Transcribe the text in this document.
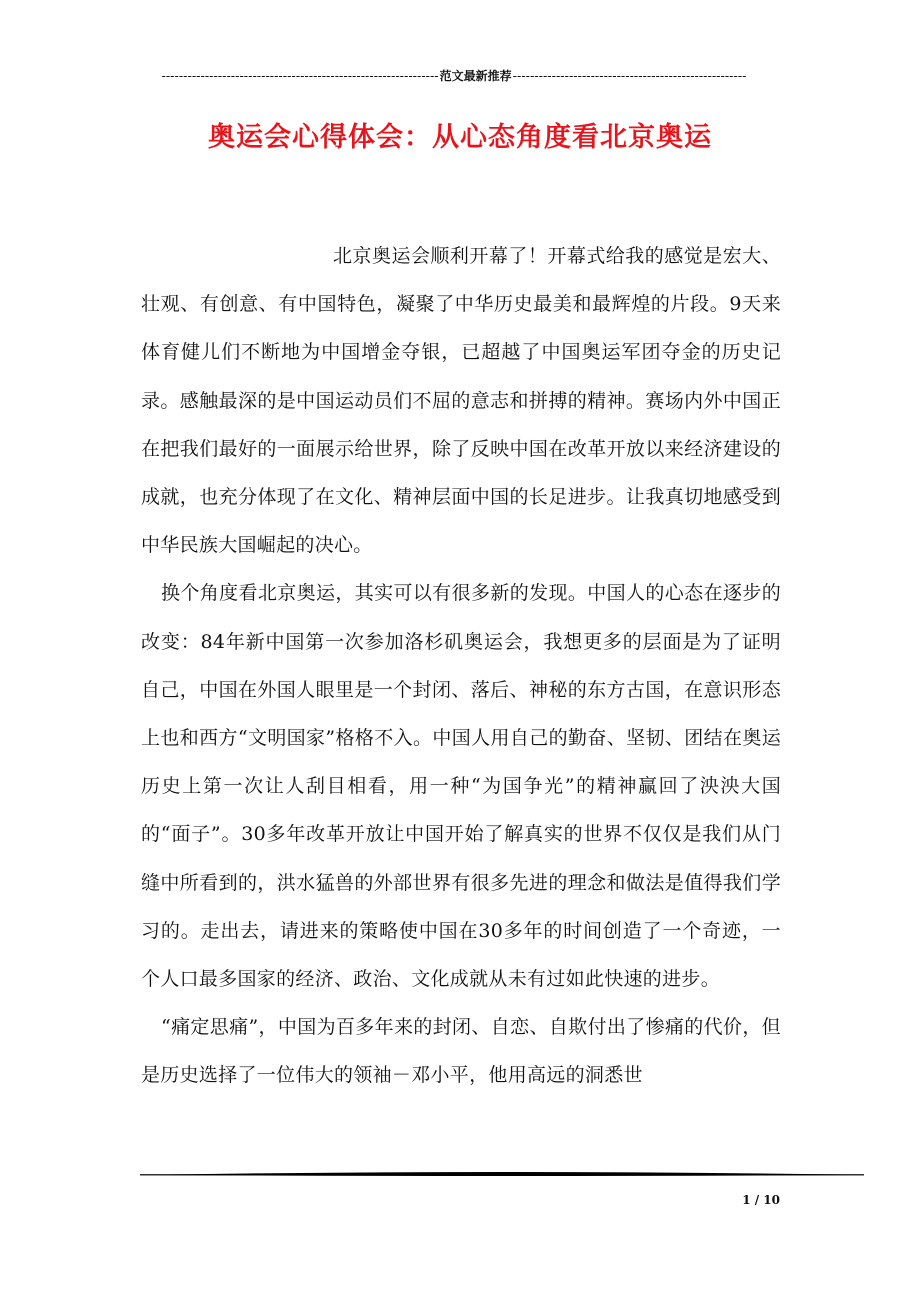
----------------------------------------------------------------范文最新推荐------------------------------------------------------
奥运会心得体会：从心态角度看北京奥运

北京奥运会顺利开幕了！开幕式给我的感觉是宏大、壮观、有创意、有中国特色，凝聚了中华历史最美和最辉煌的片段。9天来体育健儿们不断地为中国增金夺银，已超越了中国奥运军团夺金的历史记录。感触最深的是中国运动员们不屈的意志和拼搏的精神。赛场内外中国正在把我们最好的一面展示给世界，除了反映中国在改革开放以来经济建设的成就，也充分体现了在文化、精神层面中国的长足进步。让我真切地感受到中华民族大国崛起的决心。

换个角度看北京奥运，其实可以有很多新的发现。中国人的心态在逐步的改变：84年新中国第一次参加洛杉矶奥运会，我想更多的层面是为了证明自己，中国在外国人眼里是一个封闭、落后、神秘的东方古国，在意识形态上也和西方“文明国家”格格不入。中国人用自己的勤奋、坚韧、团结在奥运历史上第一次让人刮目相看，用一种“为国争光”的精神赢回了泱泱大国的“面子”。30多年改革开放让中国开始了解真实的世界不仅仅是我们从门缝中所看到的，洪水猛兽的外部世界有很多先进的理念和做法是值得我们学习的。走出去，请进来的策略使中国在30多年的时间创造了一个奇迹，一个人口最多国家的经济、政治、文化成就从未有过如此快速的进步。

“痛定思痛”，中国为百多年来的封闭、自恋、自欺付出了惨痛的代价，但是历史选择了一位伟大的领袖－邓小平，他用高远的洞悉世

1 / 10
